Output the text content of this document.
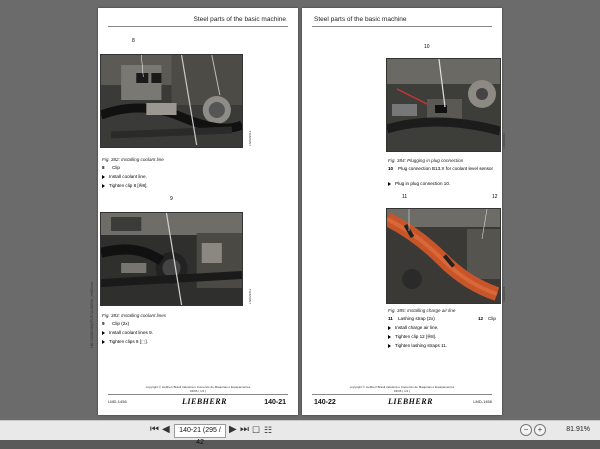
Steel parts of the basic machine
8
LS0029612
Fig. 382: Installing coolant line
8 Clip
Install coolant line.
Tighten clip 8 [✇8].
9
LS0029613
Fig. 383: Installing coolant lines
9 Clip (2x)
Install coolant lines 9.
Tighten clips 9 [⬚].
LBH/20081/000/FUSTA/28/EN/_/ed00/ver
copyright © Liebherr Brasil Industria e Comercio de Maquinas e Equipamentos
03/06 ( 1/2 )
LMD-1456	LIEBHERR	140-21
Steel parts of the basic machine
10
LS0029614
Fig. 384: Plugging in plug connection
10 Plug connection B13.X for coolant level sensor
Plug in plug connection 10.
11	12
LS0029615
Fig. 385: Installing charge air line
11 Lashing strap (2x)	12 Clip
Install charge air line.
Tighten clip 12 [✇8].
Tighten lashing straps 11.
copyright © Liebherr Brasil Industria e Comercio de Maquinas e Equipamentos
03/06 ( 1/2 )
140-22	LIEBHERR	LMD-1456
⏮ ◀	140-21 (295 / 42
▶ ⏭ ☐ ☷	−	+	81.91%
